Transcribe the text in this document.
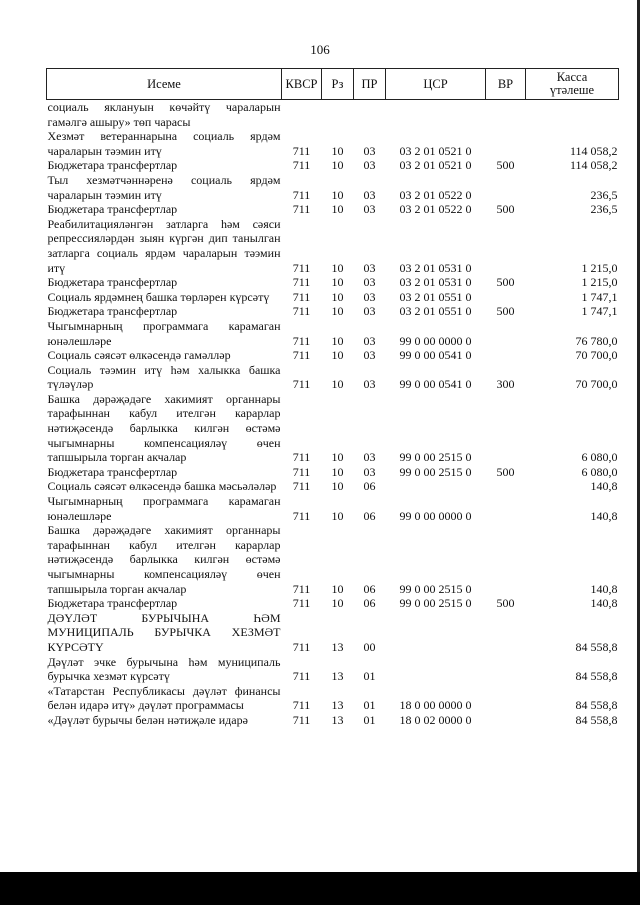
106
Исеме	КВСР	Рз	ПР	ЦСР	ВР	Касса
үтәлеше

социаль яклануын көчәйтү чараларын гамәлгә ашыру» төп чарасы						
Хезмәт ветераннарына социаль ярдәм чараларын тәэмин итү	711	10	03	03 2 01 0521 0		114 058,2
Бюджетара трансфертлар	711	10	03	03 2 01 0521 0	500	114 058,2
Тыл хезмәтчәннәренә социаль ярдәм чараларын тәэмин итү	711	10	03	03 2 01 0522 0		236,5
Бюджетара трансфертлар	711	10	03	03 2 01 0522 0	500	236,5
Реабилитацияләнгән затларга һәм сәяси репрессияләрдән зыян күргән дип танылган затларга социаль ярдәм чараларын тәэмин итү	711	10	03	03 2 01 0531 0		1 215,0
Бюджетара трансфертлар	711	10	03	03 2 01 0531 0	500	1 215,0
Социаль ярдәмнең башка төрләрен күрсәтү	711	10	03	03 2 01 0551 0		1 747,1
Бюджетара трансфертлар	711	10	03	03 2 01 0551 0	500	1 747,1
Чыгымнарның программага карамаган юнәлешләре	711	10	03	99 0 00 0000 0		76 780,0
Социаль сәясәт өлкәсендә гамәлләр	711	10	03	99 0 00 0541 0		70 700,0
Социаль тәэмин итү һәм халыкка башка түләүләр	711	10	03	99 0 00 0541 0	300	70 700,0
Башка дәрәҗәдәге хакимият органнары тарафыннан кабул ителгән карарлар нәтиҗәсендә барлыкка килгән өстәмә чыгымнарны компенсацияләү өчен тапшырыла торган акчалар	711	10	03	99 0 00 2515 0		6 080,0
Бюджетара трансфертлар	711	10	03	99 0 00 2515 0	500	6 080,0
Социаль сәясәт өлкәсендә башка мәсьәләләр	711	10	06			140,8
Чыгымнарның программага карамаган юнәлешләре	711	10	06	99 0 00 0000 0		140,8
Башка дәрәҗәдәге хакимият органнары тарафыннан кабул ителгән карарлар нәтиҗәсендә барлыкка килгән өстәмә чыгымнарны компенсацияләү өчен тапшырыла торган акчалар	711	10	06	99 0 00 2515 0		140,8
Бюджетара трансфертлар	711	10	06	99 0 00 2515 0	500	140,8
ДӘҮЛӘТ БУРЫЧЫНА ҺӘМ МУНИЦИПАЛЬ БУРЫЧКА ХЕЗМӘТ КҮРСӘТҮ	711	13	00			84 558,8
Дәүләт эчке бурычына һәм муниципаль бурычка хезмәт күрсәтү	711	13	01			84 558,8
«Татарстан Республикасы дәүләт финансы белән идарә итү» дәүләт программасы	711	13	01	18 0 00 0000 0		84 558,8
«Дәүләт бурычы белән нәтиҗәле идарә	711	13	01	18 0 02 0000 0		84 558,8
